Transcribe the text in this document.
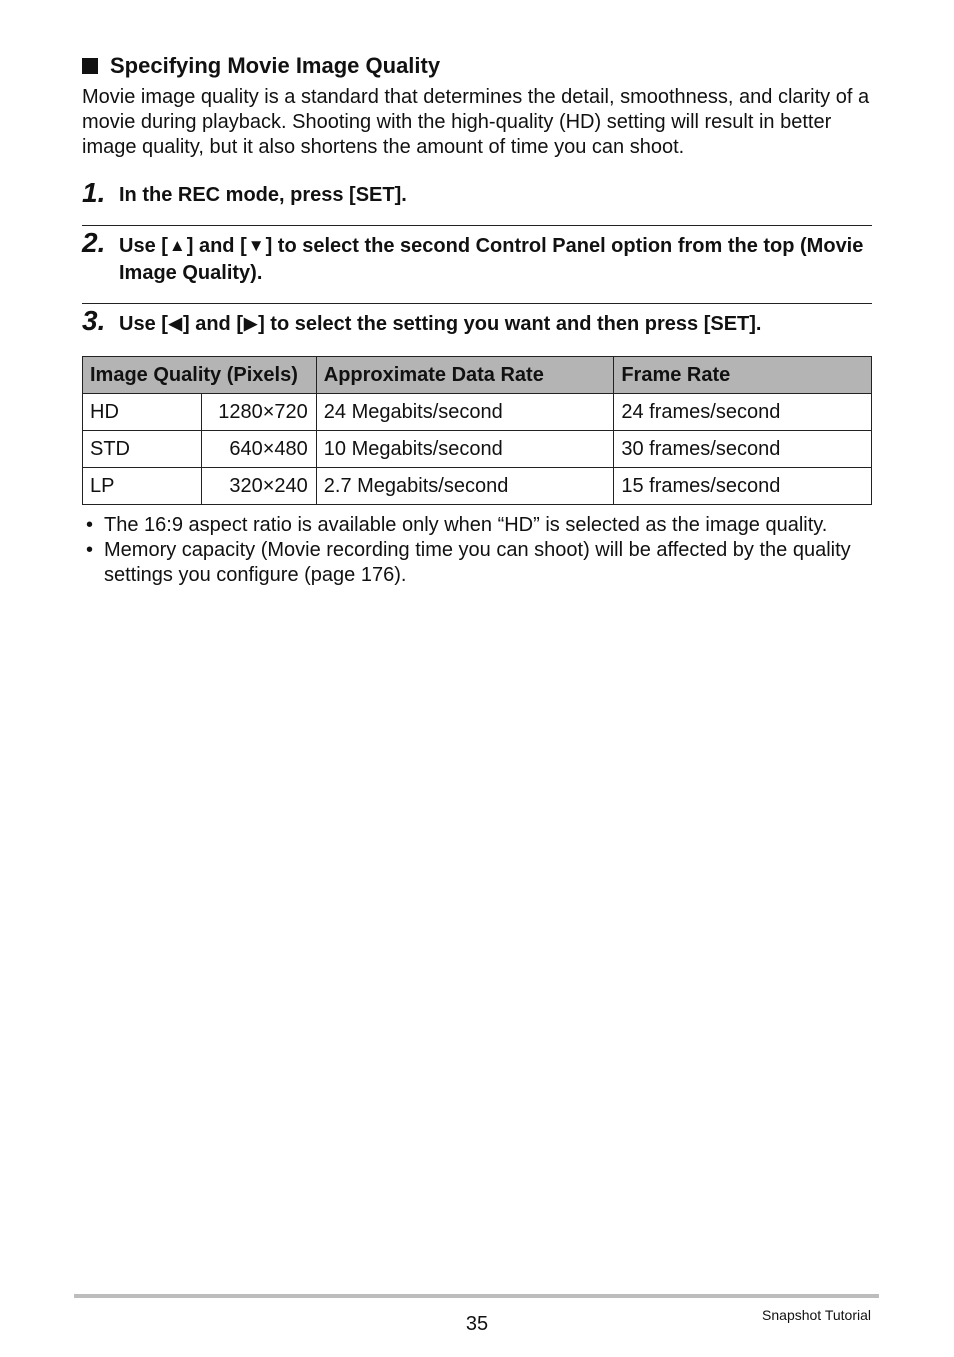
Specifying Movie Image Quality

Movie image quality is a standard that determines the detail, smoothness, and clarity of a movie during playback. Shooting with the high-quality (HD) setting will result in better image quality, but it also shortens the amount of time you can shoot.

1. In the REC mode, press [SET].
2. Use [▲] and [▼] to select the second Control Panel option from the top (Movie Image Quality).
3. Use [◀] and [▶] to select the setting you want and then press [SET].
Image Quality (Pixels)		Approximate Data Rate	Frame Rate
HD	1280×720	24 Megabits/second	24 frames/second
STD	640×480	10 Megabits/second	30 frames/second
LP	320×240	2.7 Megabits/second	15 frames/second
• The 16:9 aspect ratio is available only when “HD” is selected as the image quality.
• Memory capacity (Movie recording time you can shoot) will be affected by the quality settings you configure (page 176).
35	Snapshot Tutorial
